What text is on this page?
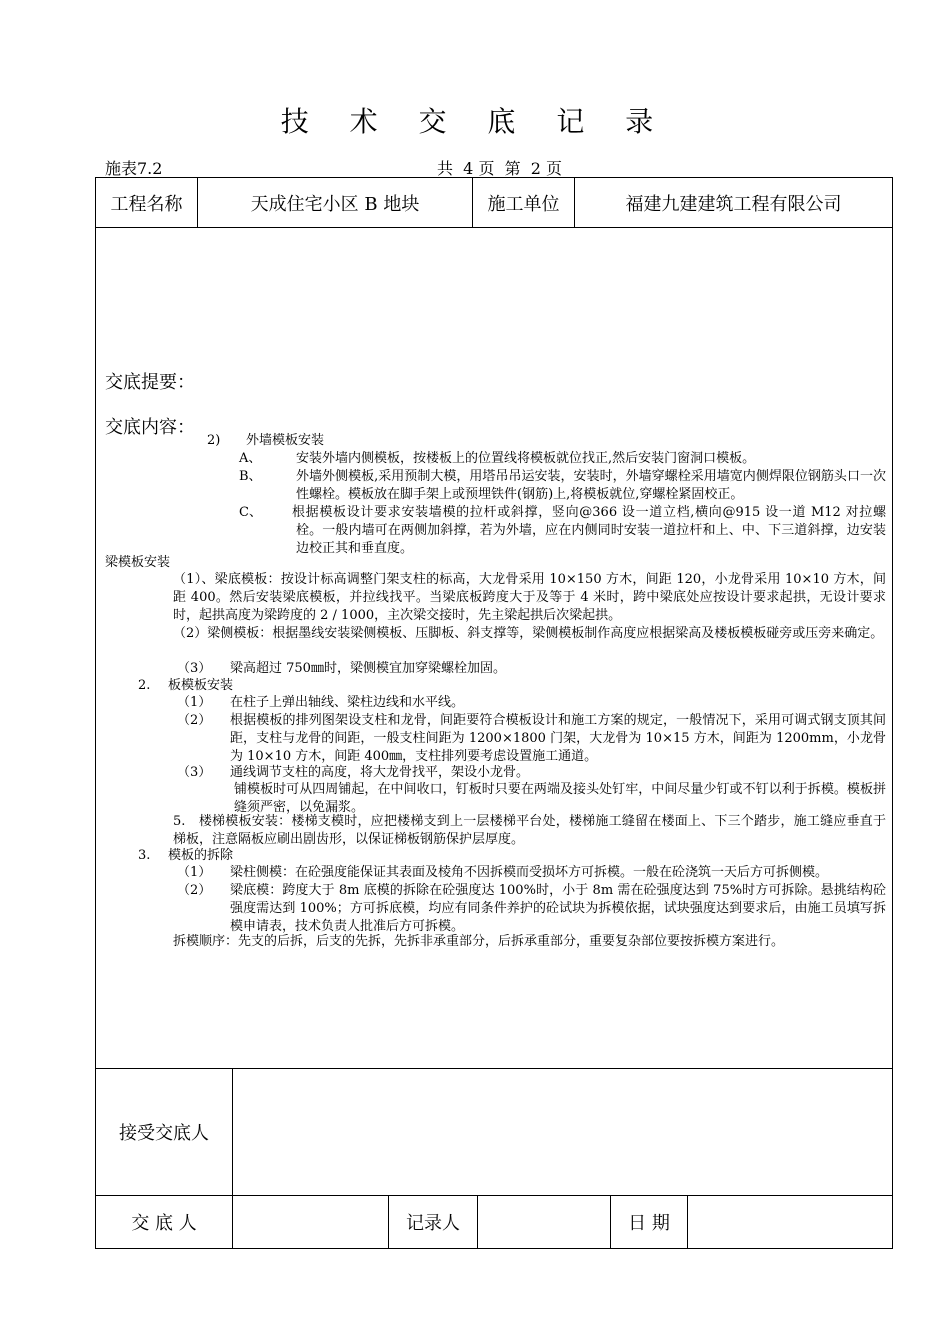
技 术 交 底 记 录
施表7.2	共  4 页  第  2 页
工程名称	天成住宅小区 B 地块	施工单位	福建九建建筑工程有限公司
交底提要：
交底内容：
2) 外墙模板安装
A、	安装外墙内侧模板，按楼板上的位置线将模板就位找正,然后安装门窗洞口模板。
B、	外墙外侧模板,采用预制大模，用塔吊吊运安装，安装时，外墙穿螺栓采用墙宽内侧焊限位钢筋头口一次性螺栓。模板放在脚手架上或预埋铁件(钢筋)上,将模板就位,穿螺栓紧固校正。
C、 根据模板设计要求安装墙模的拉杆或斜撑，竖向@366 设一道立档,横向@915 设一道 M12 对拉螺栓。一般内墙可在两侧加斜撑，若为外墙，应在内侧同时安装一道拉杆和上、中、下三道斜撑，边安装边校正其和垂直度。
梁模板安装
（1）、梁底模板：按设计标高调整门架支柱的标高，大龙骨采用 10×150 方木，间距 120，小龙骨采用 10×10 方木，间距 400。然后安装梁底模板，并拉线找平。当梁底板跨度大于及等于 4 米时，跨中梁底处应按设计要求起拱，无设计要求时，起拱高度为梁跨度的 2 / 1000，主次梁交接时，先主梁起拱后次梁起拱。
（2）梁侧模板：根据墨线安装梁侧模板、压脚板、斜支撑等，梁侧模板制作高度应根据梁高及楼板模板碰旁或压旁来确定。
（3） 梁高超过 750㎜时，梁侧模宜加穿梁螺栓加固。
2. 板模板安装
（1） 在柱子上弹出轴线、梁柱边线和水平线。
（2） 根据模板的排列图架设支柱和龙骨，间距要符合模板设计和施工方案的规定，一般情况下，采用可调式钢支顶其间距，支柱与龙骨的间距，一般支柱间距为 1200×1800 门架，大龙骨为 10×15 方木，间距为 1200mm，小龙骨为 10×10 方木，间距 400㎜，支柱排列要考虑设置施工通道。
（3） 通线调节支柱的高度，将大龙骨找平，架设小龙骨。
铺模板时可从四周铺起，在中间收口，钉板时只要在两端及接头处钉牢，中间尽量少钉或不钉以利于拆模。模板拼缝须严密，以免漏浆。
5.　楼梯模板安装：楼梯支模时，应把楼梯支到上一层楼梯平台处，楼梯施工缝留在楼面上、下三个踏步，施工缝应垂直于梯板，注意隔板应刷出剧齿形，以保证梯板钢筋保护层厚度。
3. 模板的拆除
（1） 梁柱侧模：在砼强度能保证其表面及棱角不因拆模而受损坏方可拆模。一般在砼浇筑一天后方可拆侧模。
（2） 梁底模：跨度大于 8m 底模的拆除在砼强度达 100%时，小于 8m 需在砼强度达到 75%时方可拆除。悬挑结构砼强度需达到 100%；方可拆底模，均应有同条件养护的砼试块为拆模依据，试块强度达到要求后，由施工员填写拆模申请表，技术负责人批准后方可拆模。
拆模顺序：先支的后拆，后支的先拆，先拆非承重部分，后拆承重部分，重要复杂部位要按拆模方案进行。
接受交底人
交 底 人	记录人	日 期
